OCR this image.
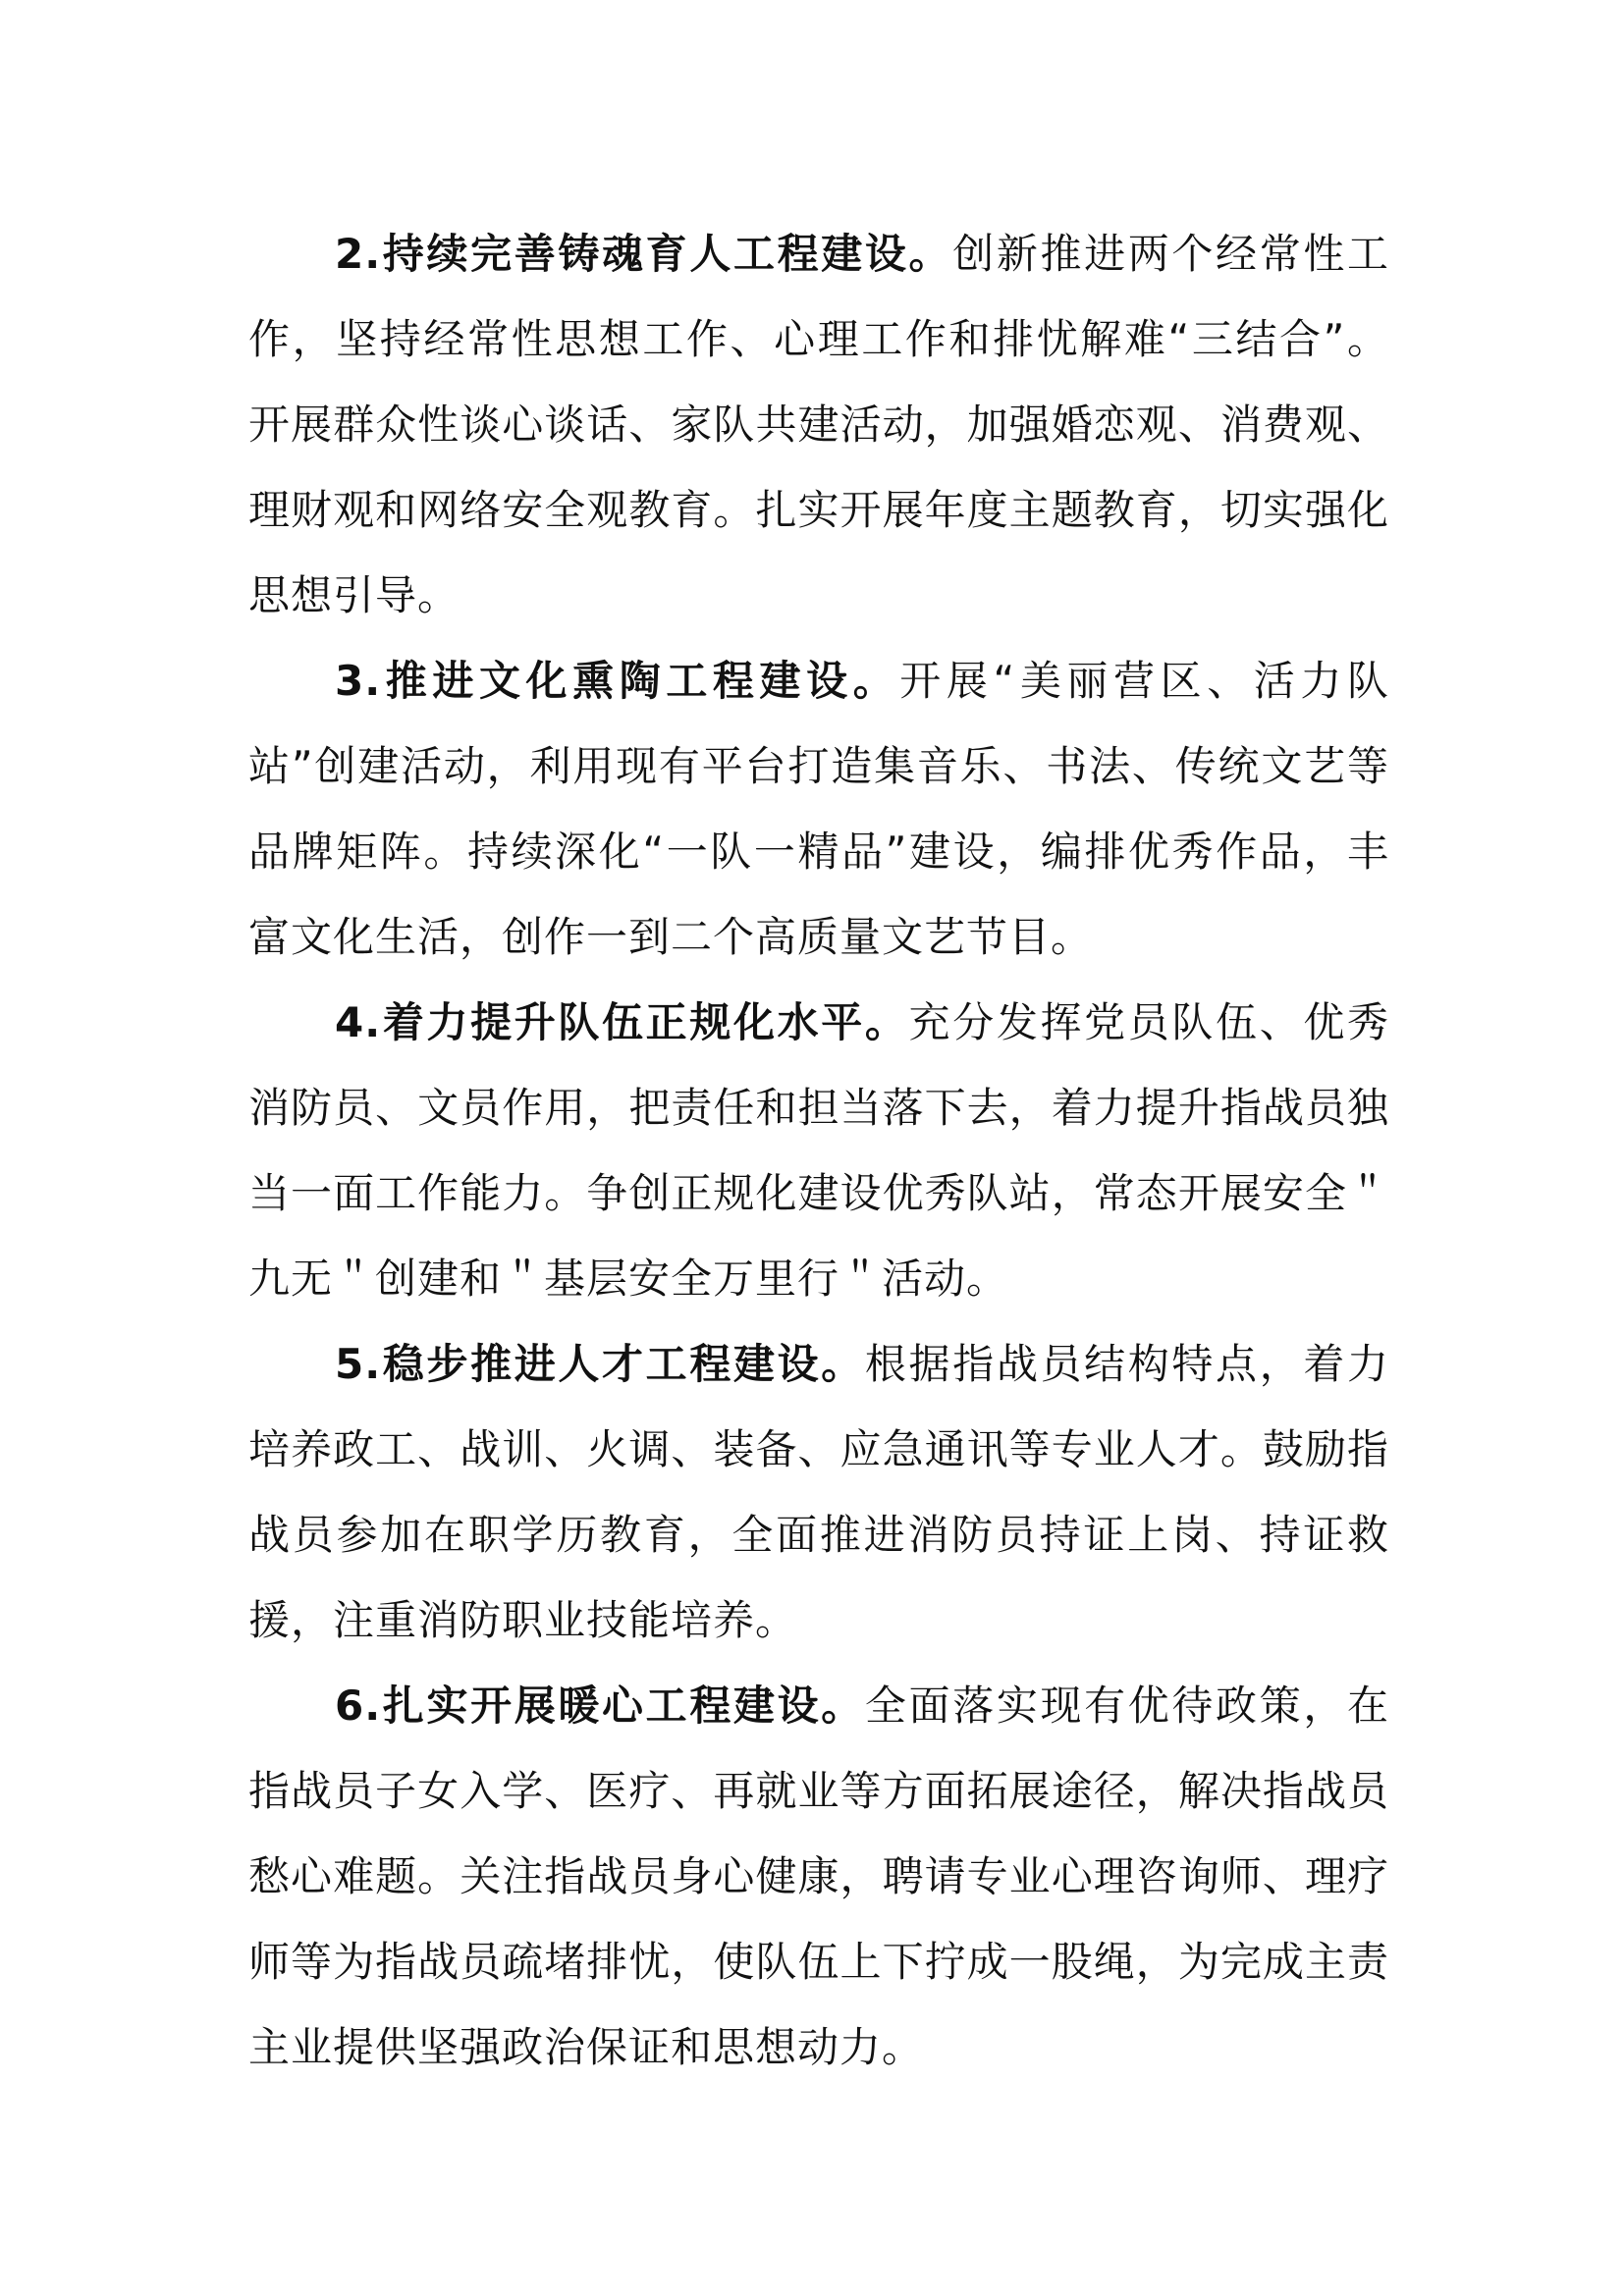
2.持续完善铸魂育人工程建设。创新推进两个经常性工作，坚持经常性思想工作、心理工作和排忧解难“三结合”。开展群众性谈心谈话、家队共建活动，加强婚恋观、消费观、理财观和网络安全观教育。扎实开展年度主题教育，切实强化思想引导。

3.推进文化熏陶工程建设。开展“美丽营区、活力队站”创建活动，利用现有平台打造集音乐、书法、传统文艺等品牌矩阵。持续深化“一队一精品”建设，编排优秀作品，丰富文化生活，创作一到二个高质量文艺节目。

4.着力提升队伍正规化水平。充分发挥党员队伍、优秀消防员、文员作用，把责任和担当落下去，着力提升指战员独当一面工作能力。争创正规化建设优秀队站，常态开展安全＂九无＂创建和＂基层安全万里行＂活动。

5.稳步推进人才工程建设。根据指战员结构特点，着力培养政工、战训、火调、装备、应急通讯等专业人才。鼓励指战员参加在职学历教育，全面推进消防员持证上岗、持证救援，注重消防职业技能培养。

6.扎实开展暖心工程建设。全面落实现有优待政策，在指战员子女入学、医疗、再就业等方面拓展途径，解决指战员愁心难题。关注指战员身心健康，聘请专业心理咨询师、理疗师等为指战员疏堵排忧，使队伍上下拧成一股绳，为完成主责主业提供坚强政治保证和思想动力。
